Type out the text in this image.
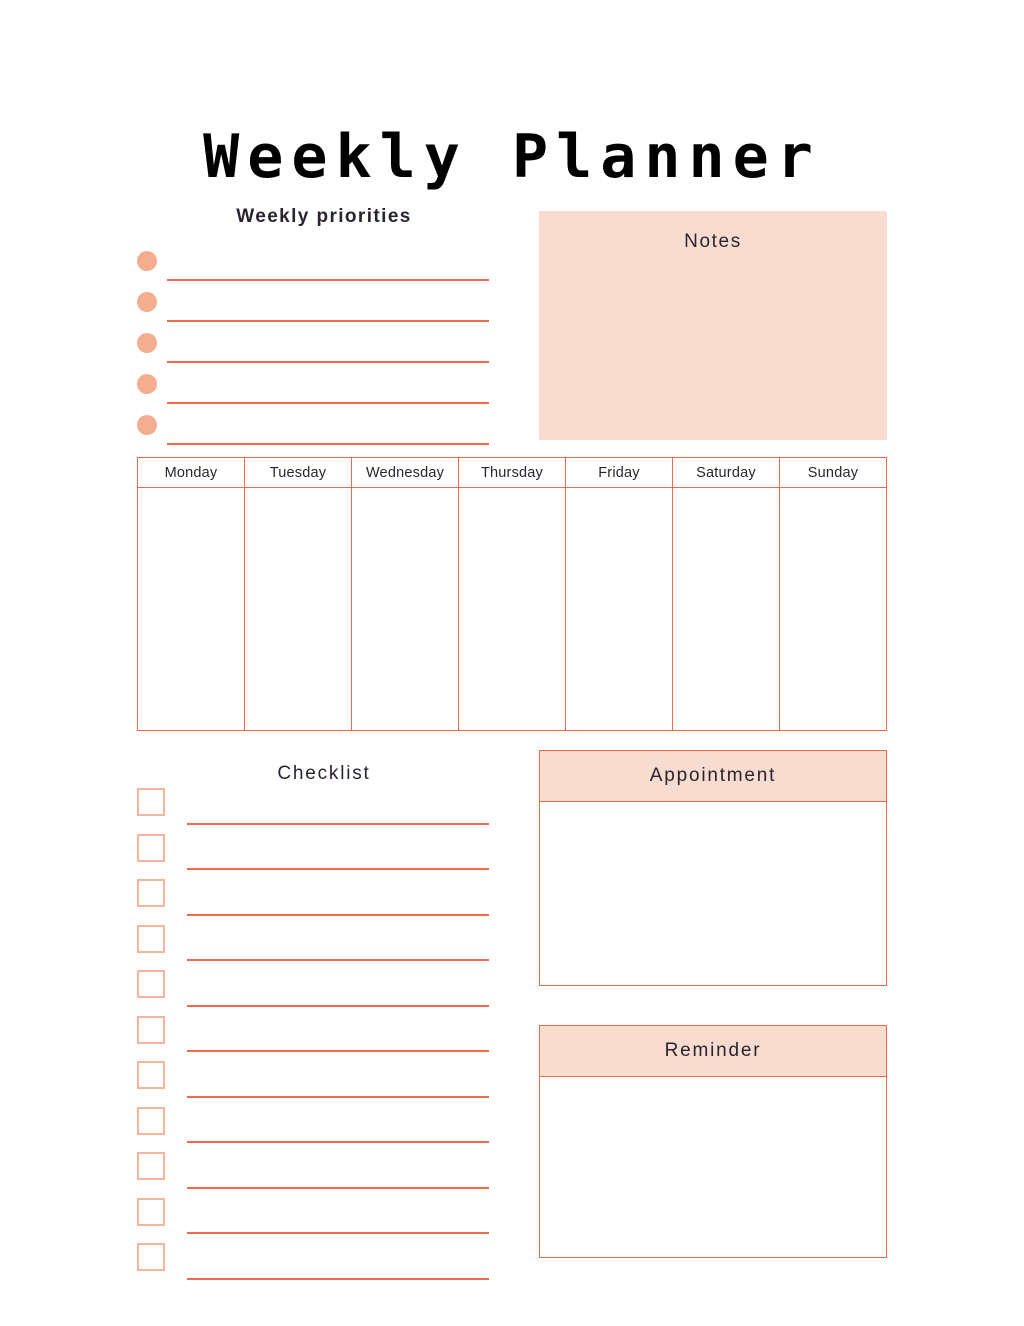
Weekly Planner
Weekly priorities
Notes
Monday	Tuesday	Wednesday	Thursday	Friday	Saturday	Sunday
Checklist	Appointment
Reminder
